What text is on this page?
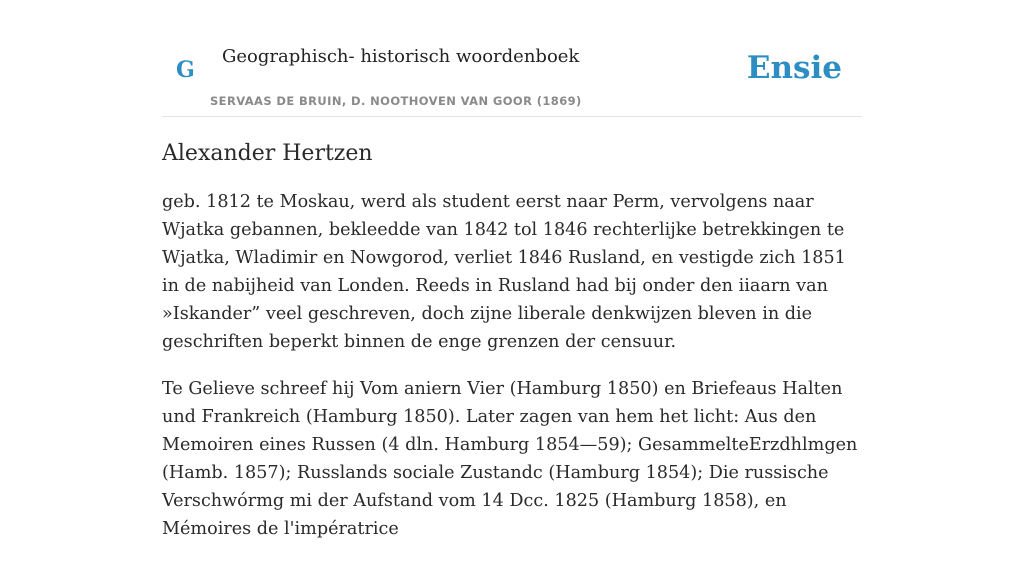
G
Geographisch- historisch woordenboek
SERVAAS DE BRUIN, D. NOOTHOVEN VAN GOOR (1869)
Ensie
Alexander Hertzen

geb. 1812 te Moskau, werd als student eerst naar Perm, vervolgens naar Wjatka gebannen, bekleedde van 1842 tol 1846 rechterlijke betrekkingen te Wjatka, Wladimir en Nowgorod, verliet 1846 Rusland, en vestigde zich 1851 in de nabijheid van Londen. Reeds in Rusland had bij onder den iiaarn van »Iskander” veel geschreven, doch zijne liberale denkwijzen bleven in die geschriften beperkt binnen de enge grenzen der censuur.

Te Gelieve schreef hij Vom aniern Vier (Hamburg 1850) en Briefeaus Halten und Frankreich (Hamburg 1850). Later zagen van hem het licht: Aus den Memoiren eines Russen (4 dln. Hamburg 1854—59); GesammelteErzdhlmgen (Hamb. 1857); Russlands sociale Zustandc (Hamburg 1854); Die russische Verschwórmg mi der Aufstand vom 14 Dcc. 1825 (Hamburg 1858), en Mémoires de l'impératrice
